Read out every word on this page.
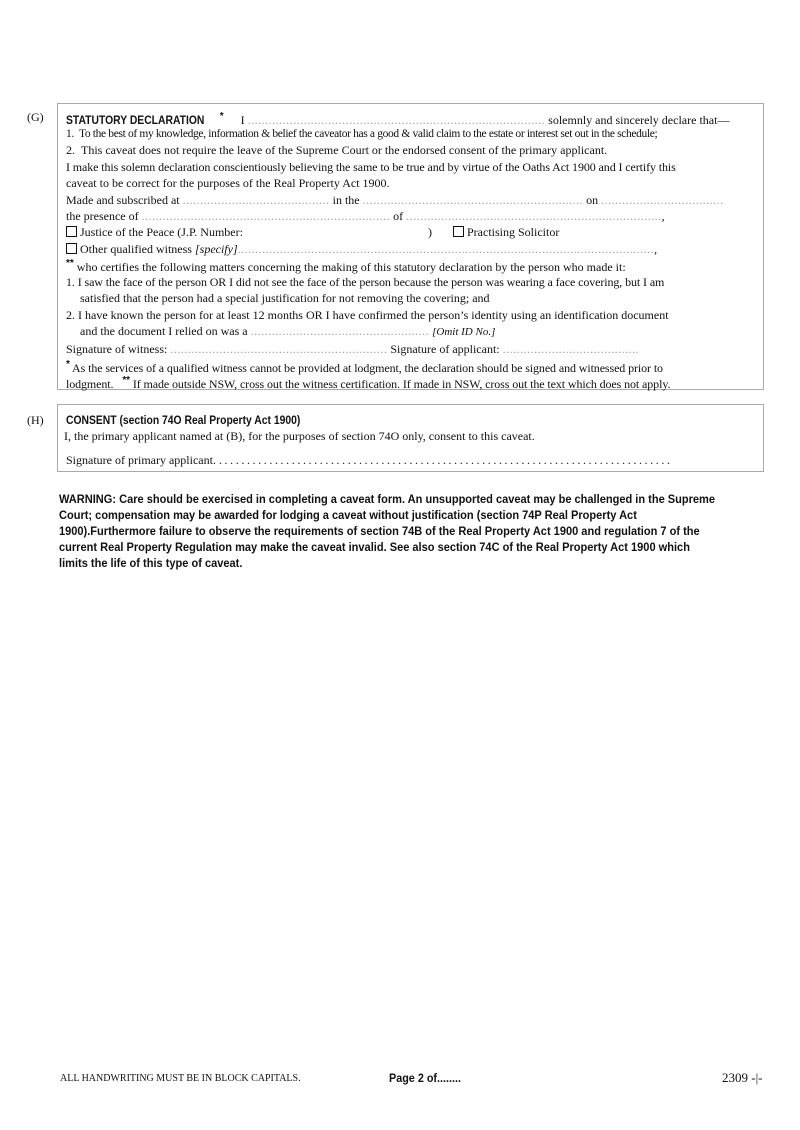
(G) STATUTORY DECLARATION * I ..................................................................................... solemnly and sincerely declare that—
1.  To the best of my knowledge, information & belief the caveator has a good & valid claim to the estate or interest set out in the schedule;
2.  This caveat does not require the leave of the Supreme Court or the endorsed consent of the primary applicant.
I make this solemn declaration conscientiously believing the same to be true and by virtue of the Oaths Act 1900 and I certify this
caveat to be correct for the purposes of the Real Property Act 1900.
Made and subscribed at .......................................... in the ............................................................... on ...................................
the presence of ....................................................................... of .........................................................................,
Justice of the Peace (J.P. Number:	)	Practising Solicitor
Other qualified witness [specify].......................................................................................................................,
** who certifies the following matters concerning the making of this statutory declaration by the person who made it:
1. I saw the face of the person OR I did not see the face of the person because the person was wearing a face covering, but I am
satisfied that the person had a special justification for not removing the covering; and
2. I have known the person for at least 12 months OR I have confirmed the person’s identity using an identification document
and the document I relied on was a ................................................... [Omit ID No.]
Signature of witness: .............................................................. Signature of applicant: .......................................
* As the services of a qualified witness cannot be provided at lodgment, the declaration should be signed and witnessed prior to
lodgment. ** If made outside NSW, cross out the witness certification. If made in NSW, cross out the text which does not apply.
(H) CONSENT (section 74O Real Property Act 1900)
I, the primary applicant named at (B), for the purposes of section 74O only, consent to this caveat.
Signature of primary applicant. .................................................................................
WARNING: Care should be exercised in completing a caveat form. An unsupported caveat may be challenged in the Supreme Court; compensation may be awarded for lodging a caveat without justification (section 74P Real Property Act 1900).Furthermore failure to observe the requirements of section 74B of the Real Property Act 1900 and regulation 7 of the current Real Property Regulation may make the caveat invalid. See also section 74C of the Real Property Act 1900 which limits the life of this type of caveat.
ALL HANDWRITING MUST BE IN BLOCK CAPITALS.	Page 2 of........	2309 -|-
